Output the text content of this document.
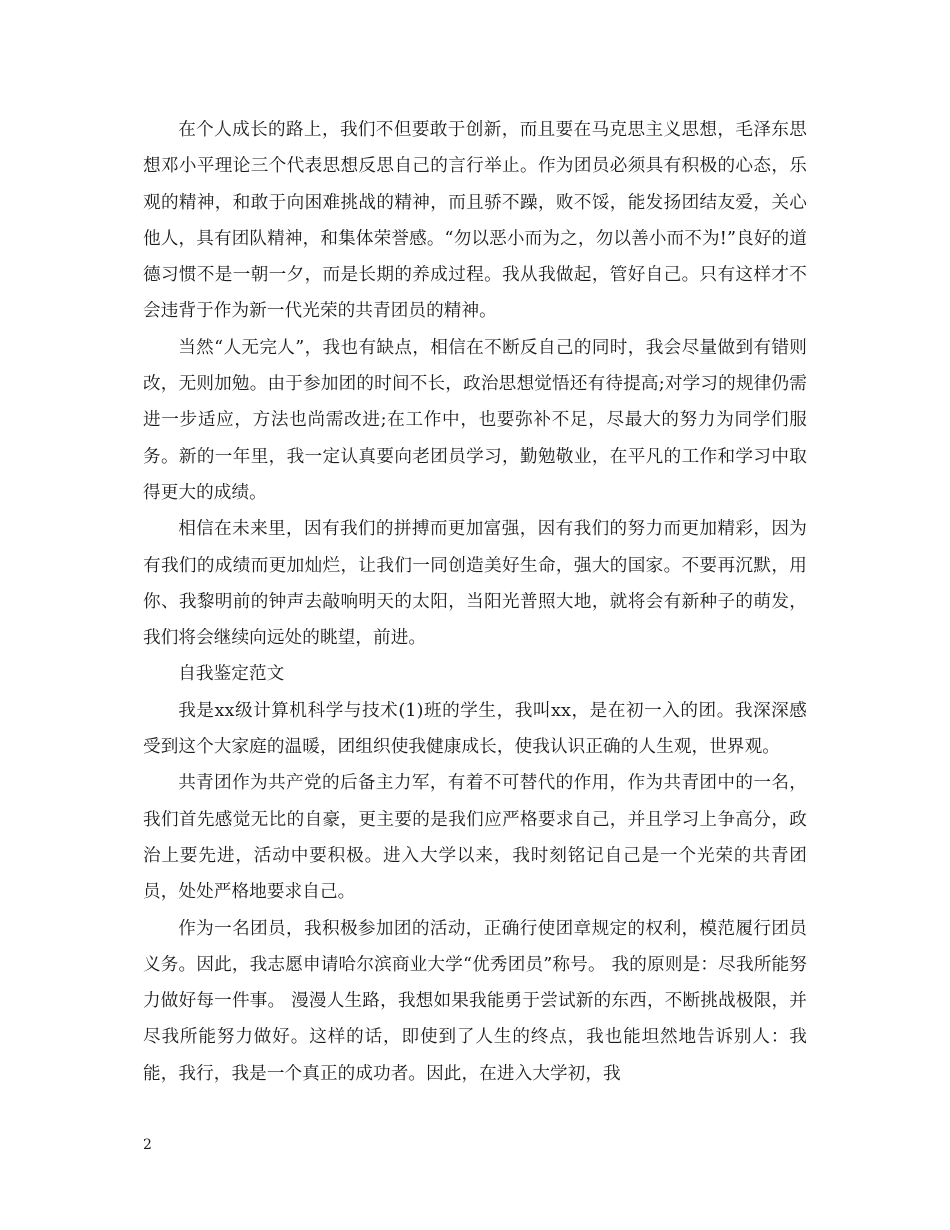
在个人成长的路上，我们不但要敢于创新，而且要在马克思主义思想，毛泽东思想邓小平理论三个代表思想反思自己的言行举止。作为团员必须具有积极的心态，乐观的精神，和敢于向困难挑战的精神，而且骄不躁，败不馁，能发扬团结友爱，关心他人，具有团队精神，和集体荣誉感。“勿以恶小而为之，勿以善小而不为!”良好的道德习惯不是一朝一夕，而是长期的养成过程。我从我做起，管好自己。只有这样才不会违背于作为新一代光荣的共青团员的精神。

当然“人无完人”，我也有缺点，相信在不断反自己的同时，我会尽量做到有错则改，无则加勉。由于参加团的时间不长，政治思想觉悟还有待提高;对学习的规律仍需进一步适应，方法也尚需改进;在工作中，也要弥补不足，尽最大的努力为同学们服务。新的一年里，我一定认真要向老团员学习，勤勉敬业，在平凡的工作和学习中取得更大的成绩。

相信在未来里，因有我们的拼搏而更加富强，因有我们的努力而更加精彩，因为有我们的成绩而更加灿烂，让我们一同创造美好生命，强大的国家。不要再沉默，用你、我黎明前的钟声去敲响明天的太阳，当阳光普照大地，就将会有新种子的萌发，我们将会继续向远处的眺望，前进。

自我鉴定范文

我是xx级计算机科学与技术(1)班的学生，我叫xx，是在初一入的团。我深深感受到这个大家庭的温暖，团组织使我健康成长，使我认识正确的人生观，世界观。

共青团作为共产党的后备主力军，有着不可替代的作用，作为共青团中的一名，我们首先感觉无比的自豪，更主要的是我们应严格要求自己，并且学习上争高分，政治上要先进，活动中要积极。进入大学以来，我时刻铭记自己是一个光荣的共青团员，处处严格地要求自己。

作为一名团员，我积极参加团的活动，正确行使团章规定的权利，模范履行团员义务。因此，我志愿申请哈尔滨商业大学“优秀团员”称号。 我的原则是：尽我所能努力做好每一件事。 漫漫人生路，我想如果我能勇于尝试新的东西，不断挑战极限，并尽我所能努力做好。这样的话，即使到了人生的终点，我也能坦然地告诉别人：我能，我行，我是一个真正的成功者。因此，在进入大学初，我

2
